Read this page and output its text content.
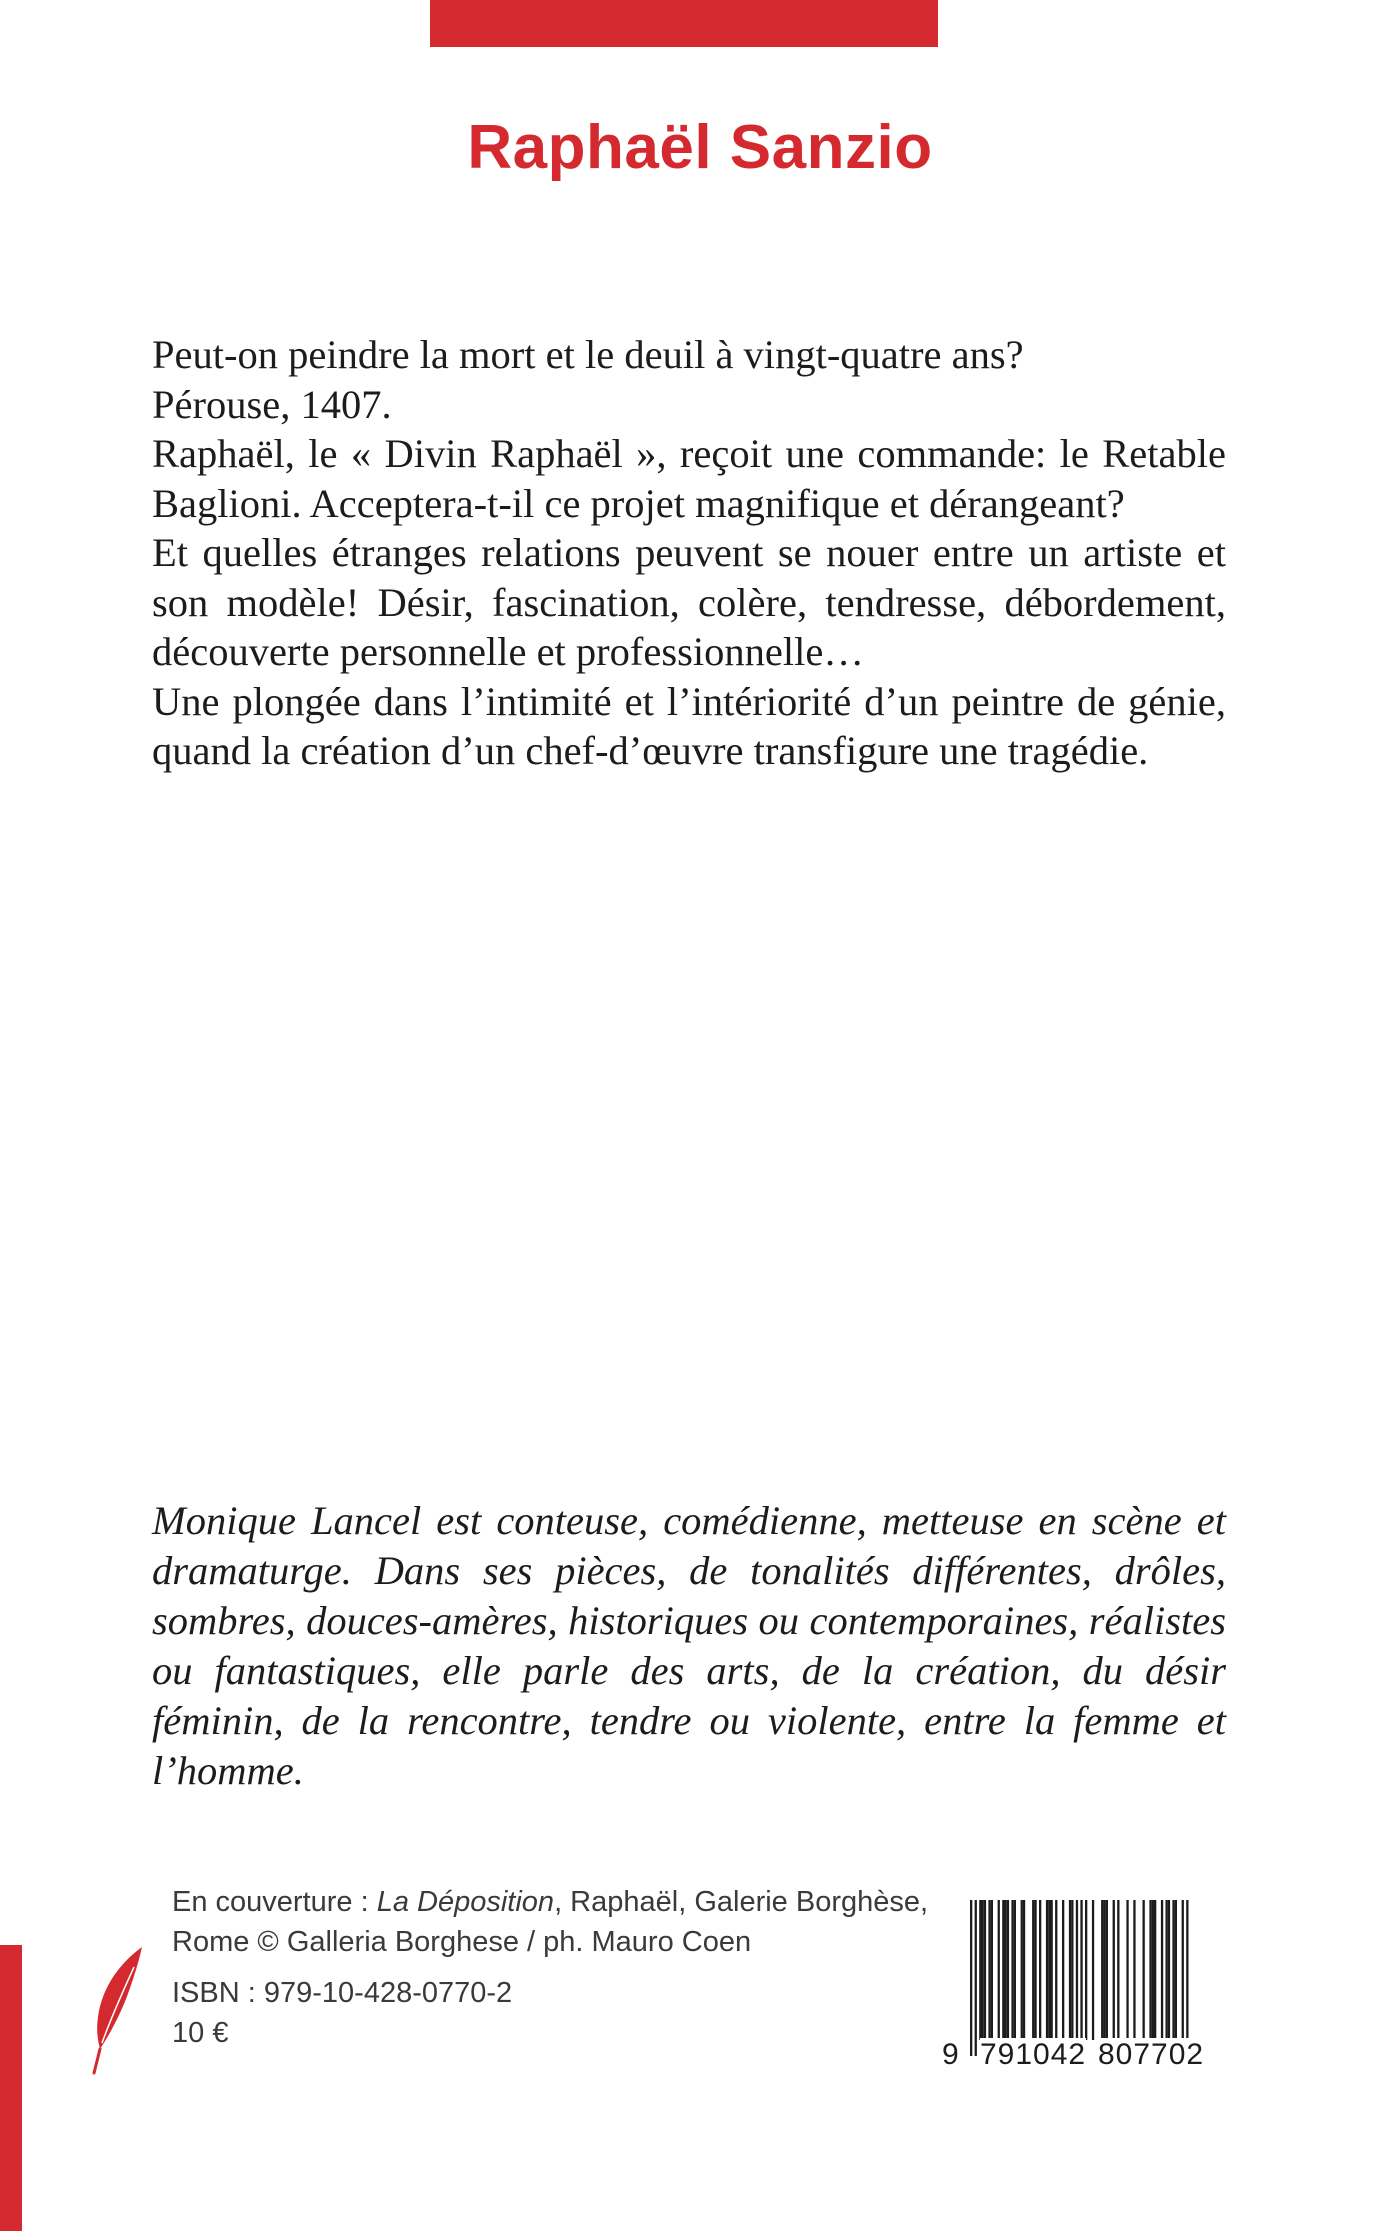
Raphaël Sanzio

Peut-on peindre la mort et le deuil à vingt-quatre ans?

Pérouse, 1407.

Raphaël, le « Divin Raphaël », reçoit une commande: le Retable Baglioni. Acceptera-t-il ce projet magnifique et dérangeant?

Et quelles étranges relations peuvent se nouer entre un artiste et son modèle! Désir, fascination, colère, tendresse, débordement, découverte personnelle et professionnelle…

Une plongée dans l’intimité et l’intériorité d’un peintre de génie, quand la création d’un chef-d’œuvre transfigure une tragédie.

Monique Lancel est conteuse, comédienne, metteuse en scène et dramaturge. Dans ses pièces, de tonalités différentes, drôles, sombres, douces-amères, historiques ou contemporaines, réalistes ou fantastiques, elle parle des arts, de la création, du désir féminin, de la rencontre, tendre ou violente, entre la femme et l’homme.

En couverture : La Déposition, Raphaël, Galerie Borghèse,
Rome © Galleria Borghese / ph. Mauro Coen
ISBN : 979-10-428-0770-2
10 €
9 791042 807702
